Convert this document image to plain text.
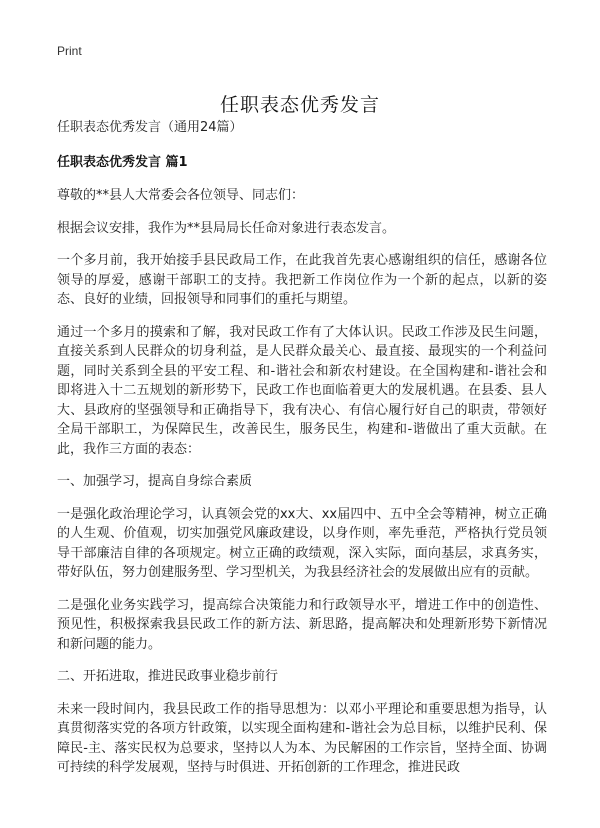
Print
任职表态优秀发言

任职表态优秀发言（通用24篇）

任职表态优秀发言 篇1

尊敬的**县人大常委会各位领导、同志们：

根据会议安排，我作为**县局局长任命对象进行表态发言。

一个多月前，我开始接手县民政局工作，在此我首先衷心感谢组织的信任，感谢各位领导的厚爱，感谢干部职工的支持。我把新工作岗位作为一个新的起点，以新的姿态、良好的业绩，回报领导和同事们的重托与期望。

通过一个多月的摸索和了解，我对民政工作有了大体认识。民政工作涉及民生问题，直接关系到人民群众的切身利益，是人民群众最关心、最直接、最现实的一个利益问题，同时关系到全县的平安工程、和-谐社会和新农村建设。在全国构建和-谐社会和即将进入十二五规划的新形势下，民政工作也面临着更大的发展机遇。在县委、县人大、县政府的坚强领导和正确指导下，我有决心、有信心履行好自己的职责，带领好全局干部职工，为保障民生，改善民生，服务民生，构建和-谐做出了重大贡献。在此，我作三方面的表态：

一、加强学习，提高自身综合素质

一是强化政治理论学习，认真领会党的xx大、xx届四中、五中全会等精神，树立正确的人生观、价值观，切实加强党风廉政建设，以身作则，率先垂范，严格执行党员领导干部廉洁自律的各项规定。树立正确的政绩观，深入实际，面向基层，求真务实，带好队伍，努力创建服务型、学习型机关，为我县经济社会的发展做出应有的贡献。

二是强化业务实践学习，提高综合决策能力和行政领导水平，增进工作中的创造性、预见性，积极探索我县民政工作的新方法、新思路，提高解决和处理新形势下新情况和新问题的能力。

二、开拓进取，推进民政事业稳步前行

未来一段时间内，我县民政工作的指导思想为：以邓小平理论和重要思想为指导，认真贯彻落实党的各项方针政策，以实现全面构建和-谐社会为总目标，以维护民利、保障民-主、落实民权为总要求，坚持以人为本、为民解困的工作宗旨，坚持全面、协调可持续的科学发展观，坚持与时俱进、开拓创新的工作理念，推进民政
